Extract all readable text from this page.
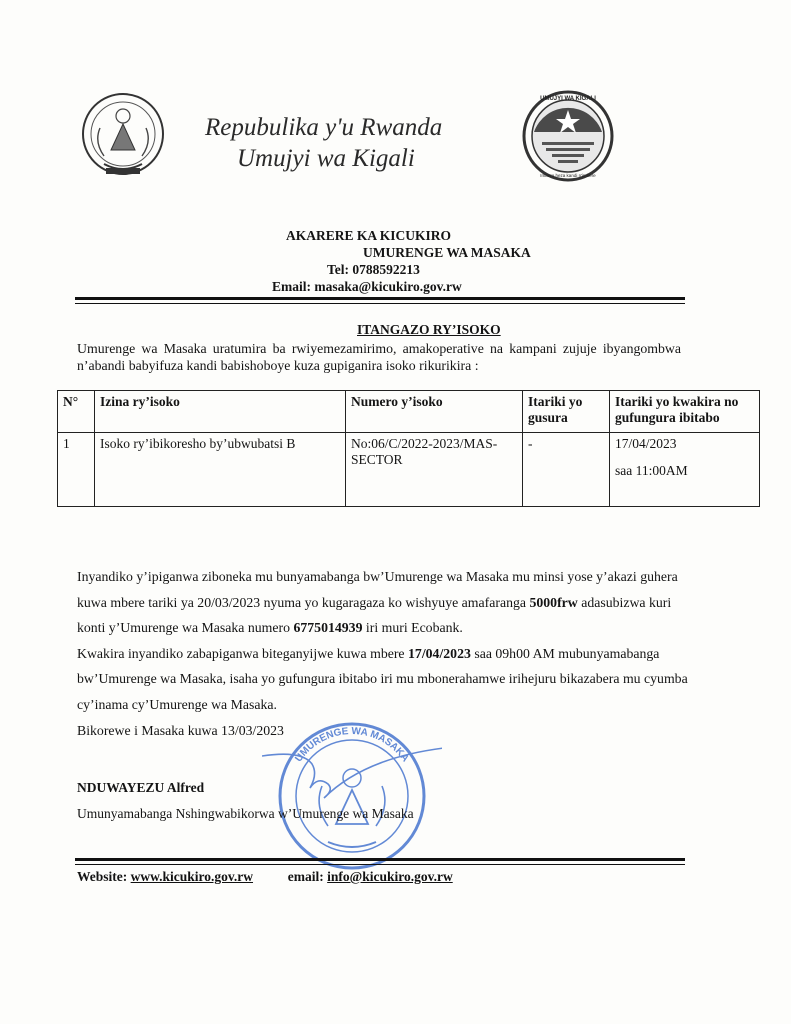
Repubulika y'u Rwanda
Umujyi wa Kigali
UMUJYI WA KIGALI
Imbere heza kandi n'imbere
AKARERE KA KICUKIRO
UMURENGE WA MASAKA
Tel: 0788592213
Email: masaka@kicukiro.gov.rw
ITANGAZO RY’ISOKO
Umurenge wa Masaka uratumira ba rwiyemezamirimo, amakoperative na kampani zujuje ibyangombwa n’abandi babyifuza kandi babishoboye kuza gupiganira isoko rikurikira :
N°	Izina ry’isoko	Numero y’isoko	Itariki yo gusura	Itariki yo kwakira no gufungura ibitabo
1	Isoko ry’ibikoresho by’ubwubatsi B	No:06/C/2022-2023/MAS-SECTOR	-	17/04/2023
saa 11:00AM

Inyandiko y’ipiganwa ziboneka mu bunyamabanga bw’Umurenge wa Masaka mu minsi yose y’akazi guhera kuwa mbere tariki ya 20/03/2023 nyuma yo kugaragaza ko wishyuye amafaranga 5000frw adasubizwa kuri konti y’Umurenge wa Masaka numero 6775014939 iri muri Ecobank.

Kwakira inyandiko zabapiganwa biteganyijwe kuwa mbere 17/04/2023 saa 09h00 AM mubunyamabanga bw’Umurenge wa Masaka, isaha yo gufungura ibitabo iri mu mbonerahamwe irihejuru bikazabera mu cyumba cy’inama cy’Umurenge wa Masaka.

Bikorewe i Masaka kuwa 13/03/2023

UMURENGE WA MASAKA
NDUWAYEZU Alfred
Umunyamabanga Nshingwabikorwa w’Umurenge wa Masaka
Website: www.kicukiro.gov.rw	email: info@kicukiro.gov.rw
